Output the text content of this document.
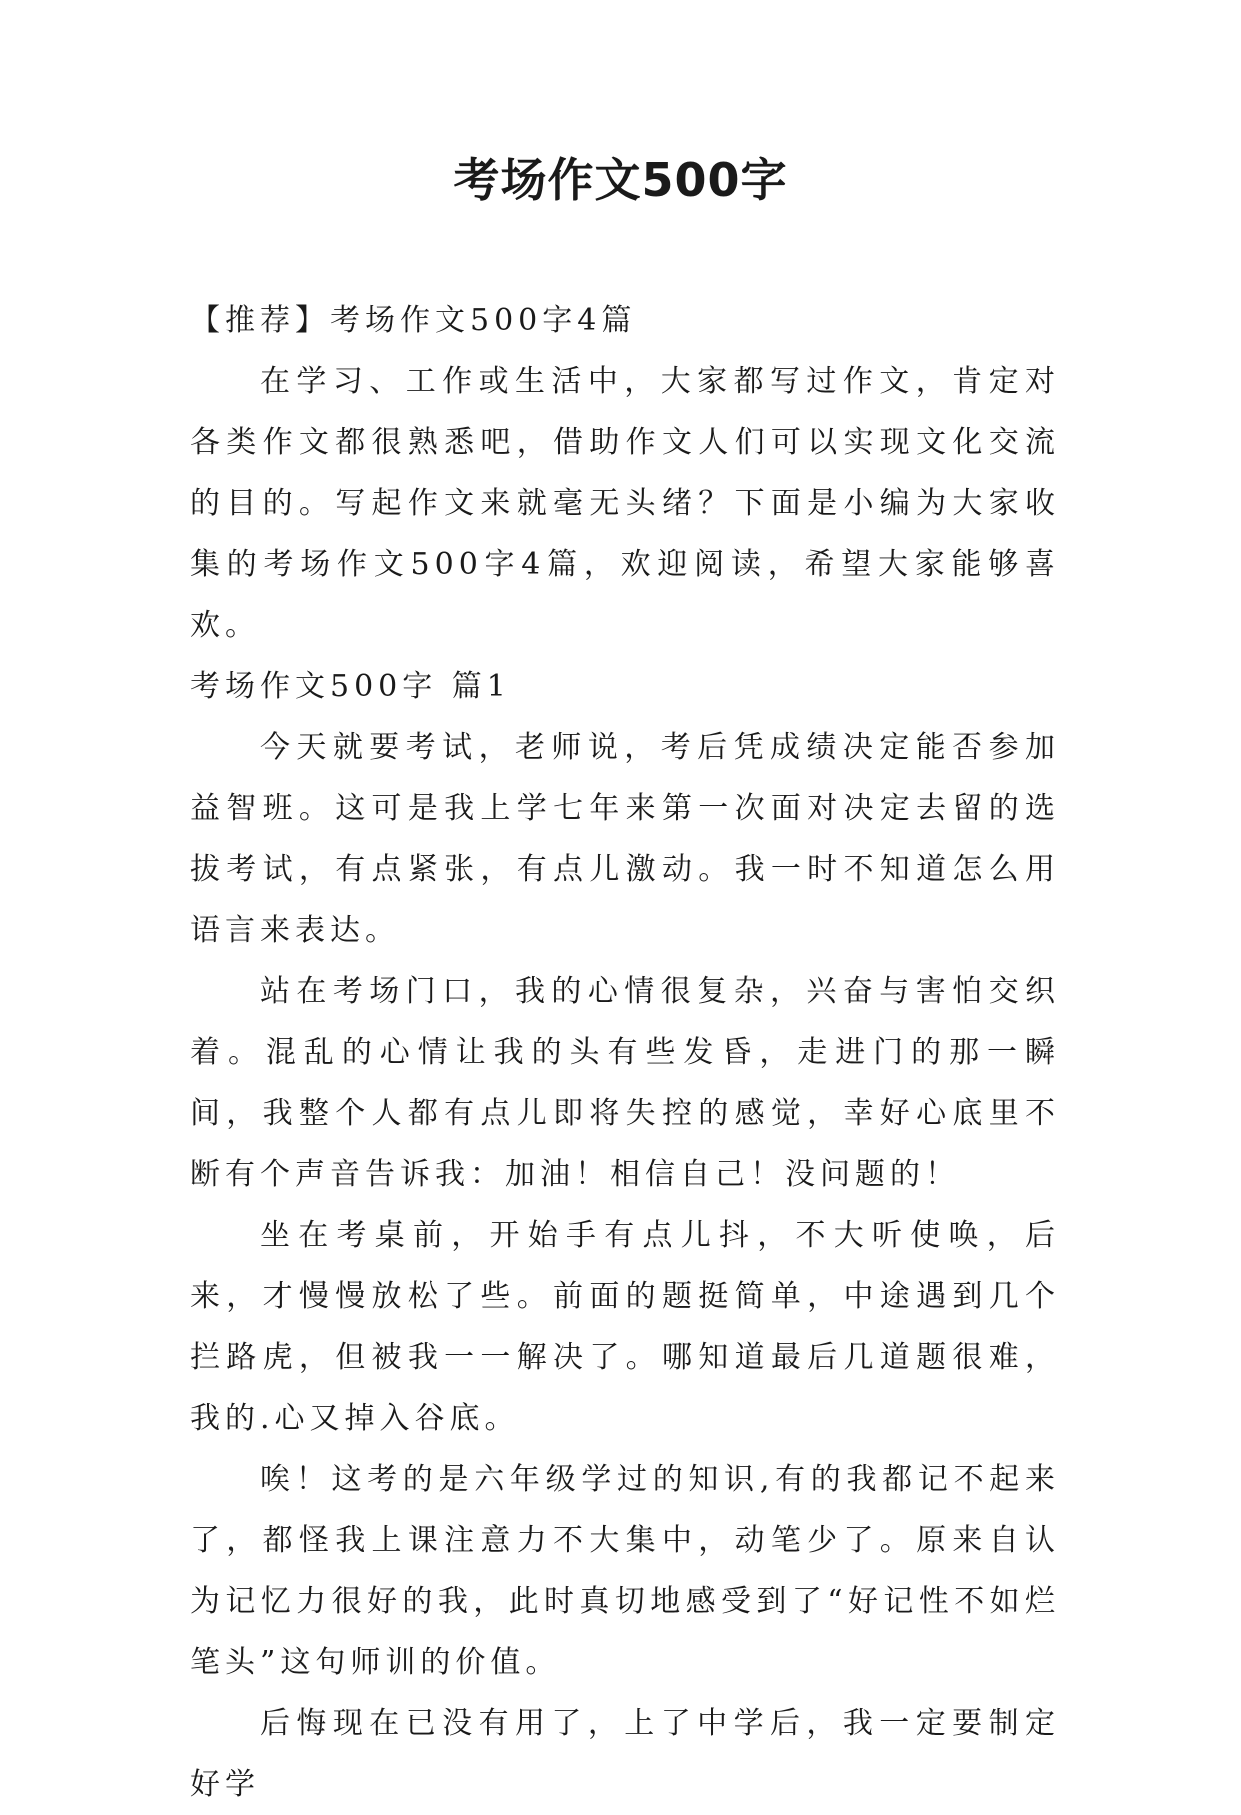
考场作文500字

【推荐】考场作文500字4篇

在学习、工作或生活中，大家都写过作文，肯定对各类作文都很熟悉吧，借助作文人们可以实现文化交流的目的。写起作文来就毫无头绪？下面是小编为大家收集的考场作文500字4篇，欢迎阅读，希望大家能够喜欢。

考场作文500字 篇1

今天就要考试，老师说，考后凭成绩决定能否参加益智班。这可是我上学七年来第一次面对决定去留的选拔考试，有点紧张，有点儿激动。我一时不知道怎么用语言来表达。

站在考场门口，我的心情很复杂，兴奋与害怕交织着。混乱的心情让我的头有些发昏，走进门的那一瞬间，我整个人都有点儿即将失控的感觉，幸好心底里不断有个声音告诉我：加油！相信自己！没问题的！

坐在考桌前，开始手有点儿抖，不大听使唤，后来，才慢慢放松了些。前面的题挺简单，中途遇到几个拦路虎，但被我一一解决了。哪知道最后几道题很难，我的.心又掉入谷底。

唉！这考的是六年级学过的知识,有的我都记不起来了，都怪我上课注意力不大集中，动笔少了。原来自认为记忆力很好的我，此时真切地感受到了“好记性不如烂笔头”这句师训的价值。

后悔现在已没有用了，上了中学后，我一定要制定好学
